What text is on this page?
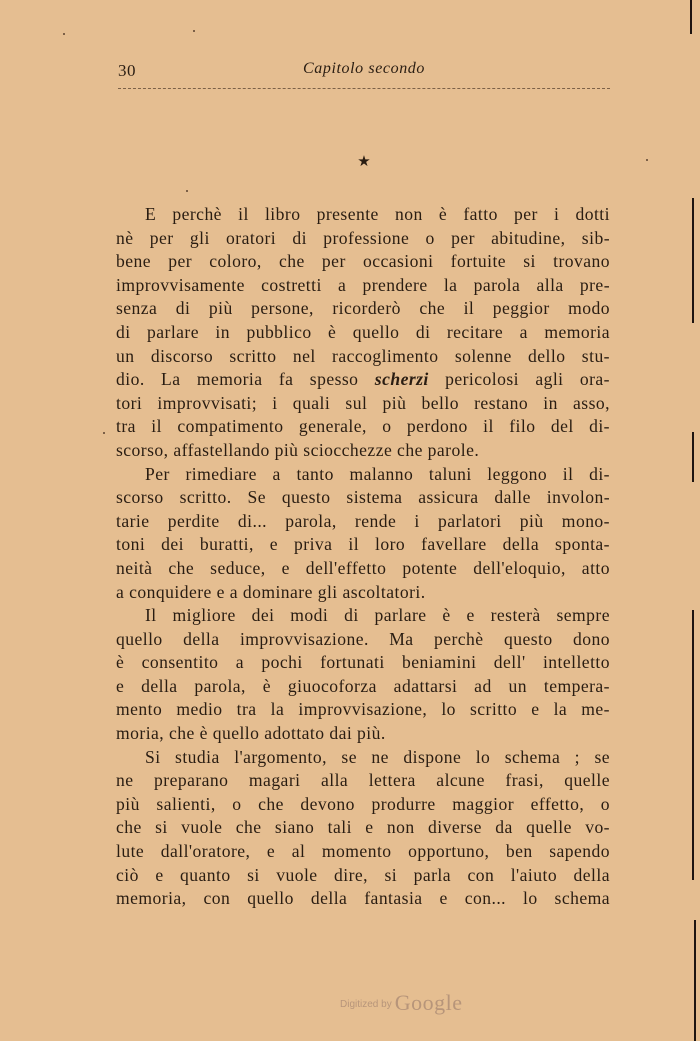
30	Capitolo secondo
★
E perchè il libro presente non è fatto per i dotti
nè per gli oratori di professione o per abitudine, sib-
bene per coloro, che per occasioni fortuite si trovano
improvvisamente costretti a prendere la parola alla pre-
senza di più persone, ricorderò che il peggior modo
di parlare in pubblico è quello di recitare a memoria
un discorso scritto nel raccoglimento solenne dello stu-
dio. La memoria fa spesso scherzi pericolosi agli ora-
tori improvvisati; i quali sul più bello restano in asso,
tra il compatimento generale, o perdono il filo del di-
scorso, affastellando più sciocchezze che parole.
Per rimediare a tanto malanno taluni leggono il di-
scorso scritto. Se questo sistema assicura dalle involon-
tarie perdite di... parola, rende i parlatori più mono-
toni dei buratti, e priva il loro favellare della sponta-
neità che seduce, e dell'effetto potente dell'eloquio, atto
a conquidere e a dominare gli ascoltatori.
Il migliore dei modi di parlare è e resterà sempre
quello della improvvisazione. Ma perchè questo dono
è consentito a pochi fortunati beniamini dell' intelletto
e della parola, è giuocoforza adattarsi ad un tempera-
mento medio tra la improvvisazione, lo scritto e la me-
moria, che è quello adottato dai più.
Si studia l'argomento, se ne dispone lo schema ; se
ne preparano magari alla lettera alcune frasi, quelle
più salienti, o che devono produrre maggior effetto, o
che si vuole che siano tali e non diverse da quelle vo-
lute dall'oratore, e al momento opportuno, ben sapendo
ciò e quanto si vuole dire, si parla con l'aiuto della
memoria, con quello della fantasia e con... lo schema
Digitized by Google
